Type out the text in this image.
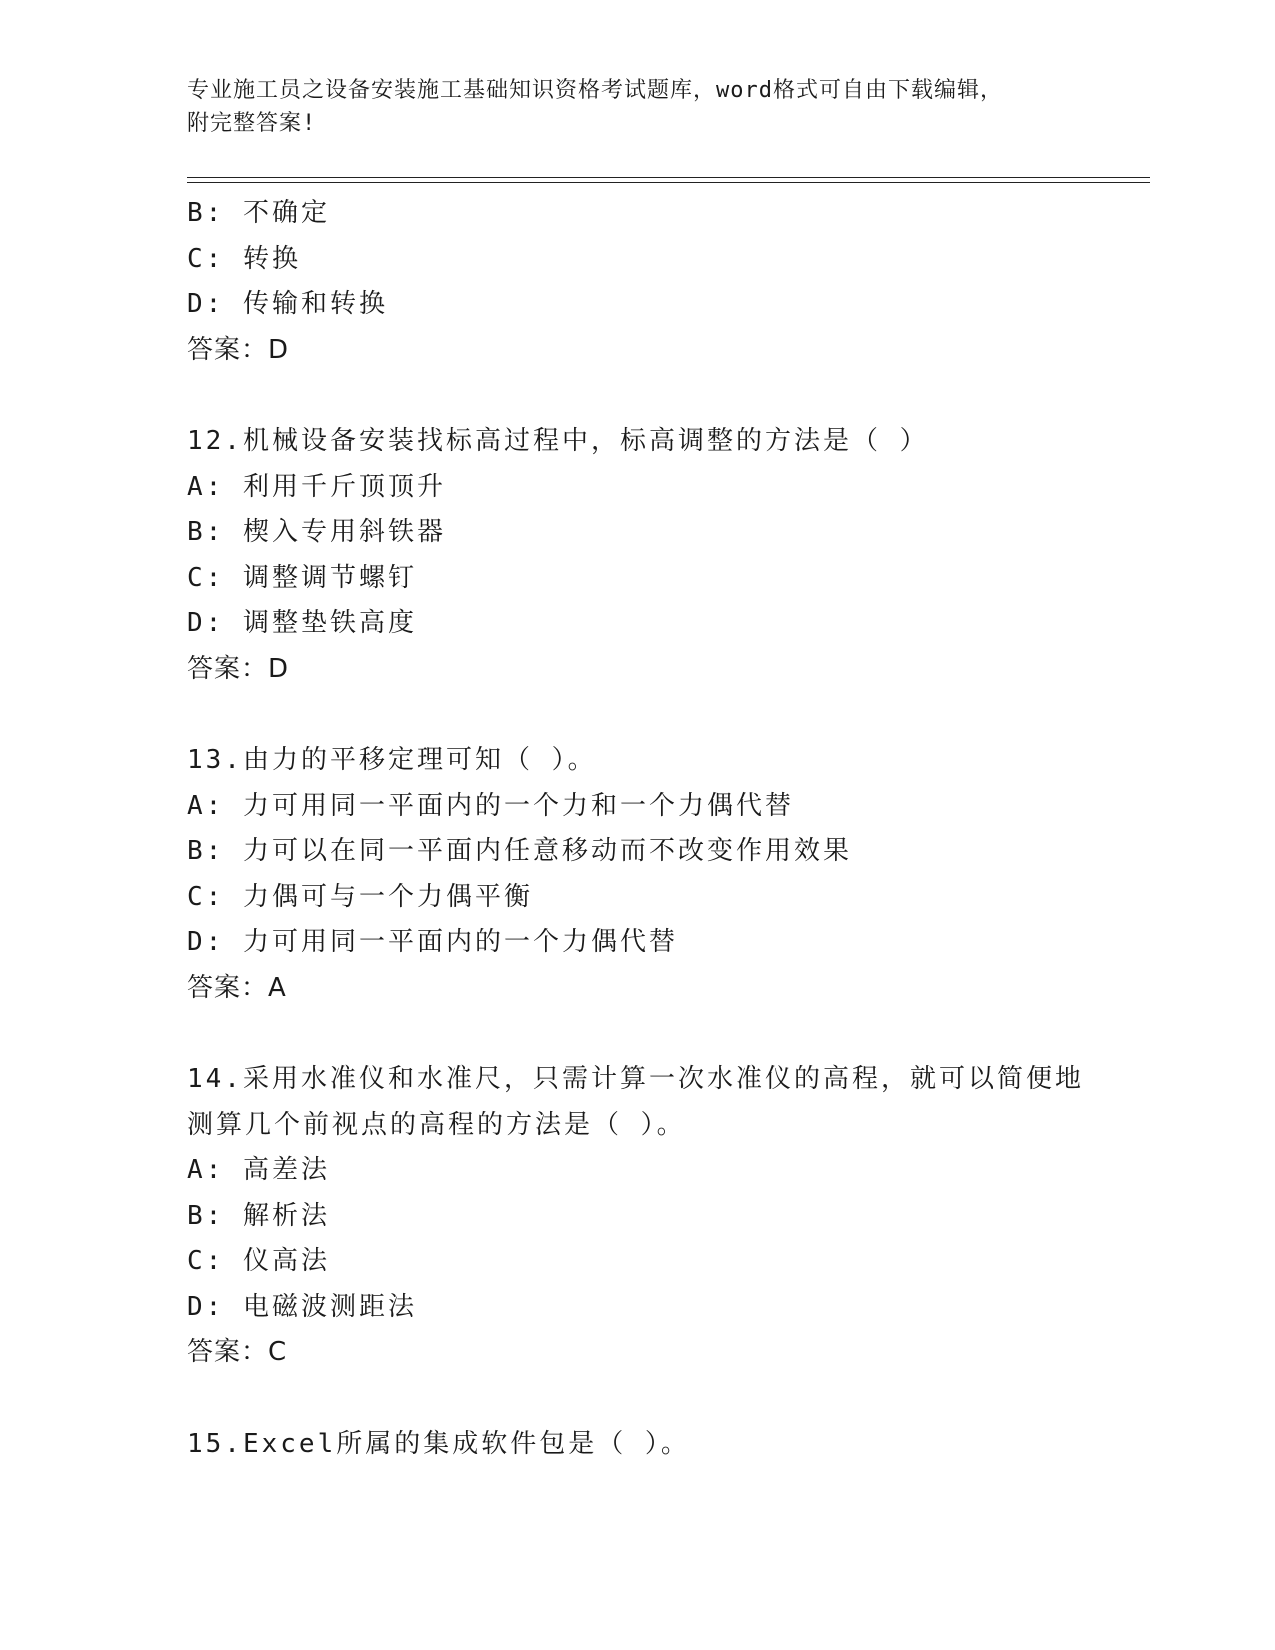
专业施工员之设备安装施工基础知识资格考试题库，word格式可自由下载编辑，
附完整答案!
B: 不确定
C: 转换
D: 传输和转换
答案：D
12.机械设备安装找标高过程中，标高调整的方法是（ ）
A: 利用千斤顶顶升
B: 楔入专用斜铁器
C: 调整调节螺钉
D: 调整垫铁高度
答案：D
13.由力的平移定理可知（ ）。
A: 力可用同一平面内的一个力和一个力偶代替
B: 力可以在同一平面内任意移动而不改变作用效果
C: 力偶可与一个力偶平衡
D: 力可用同一平面内的一个力偶代替
答案：A
14.采用水准仪和水准尺，只需计算一次水准仪的高程，就可以简便地
测算几个前视点的高程的方法是（ ）。
A: 高差法
B: 解析法
C: 仪高法
D: 电磁波测距法
答案：C
15.Excel所属的集成软件包是（ ）。
